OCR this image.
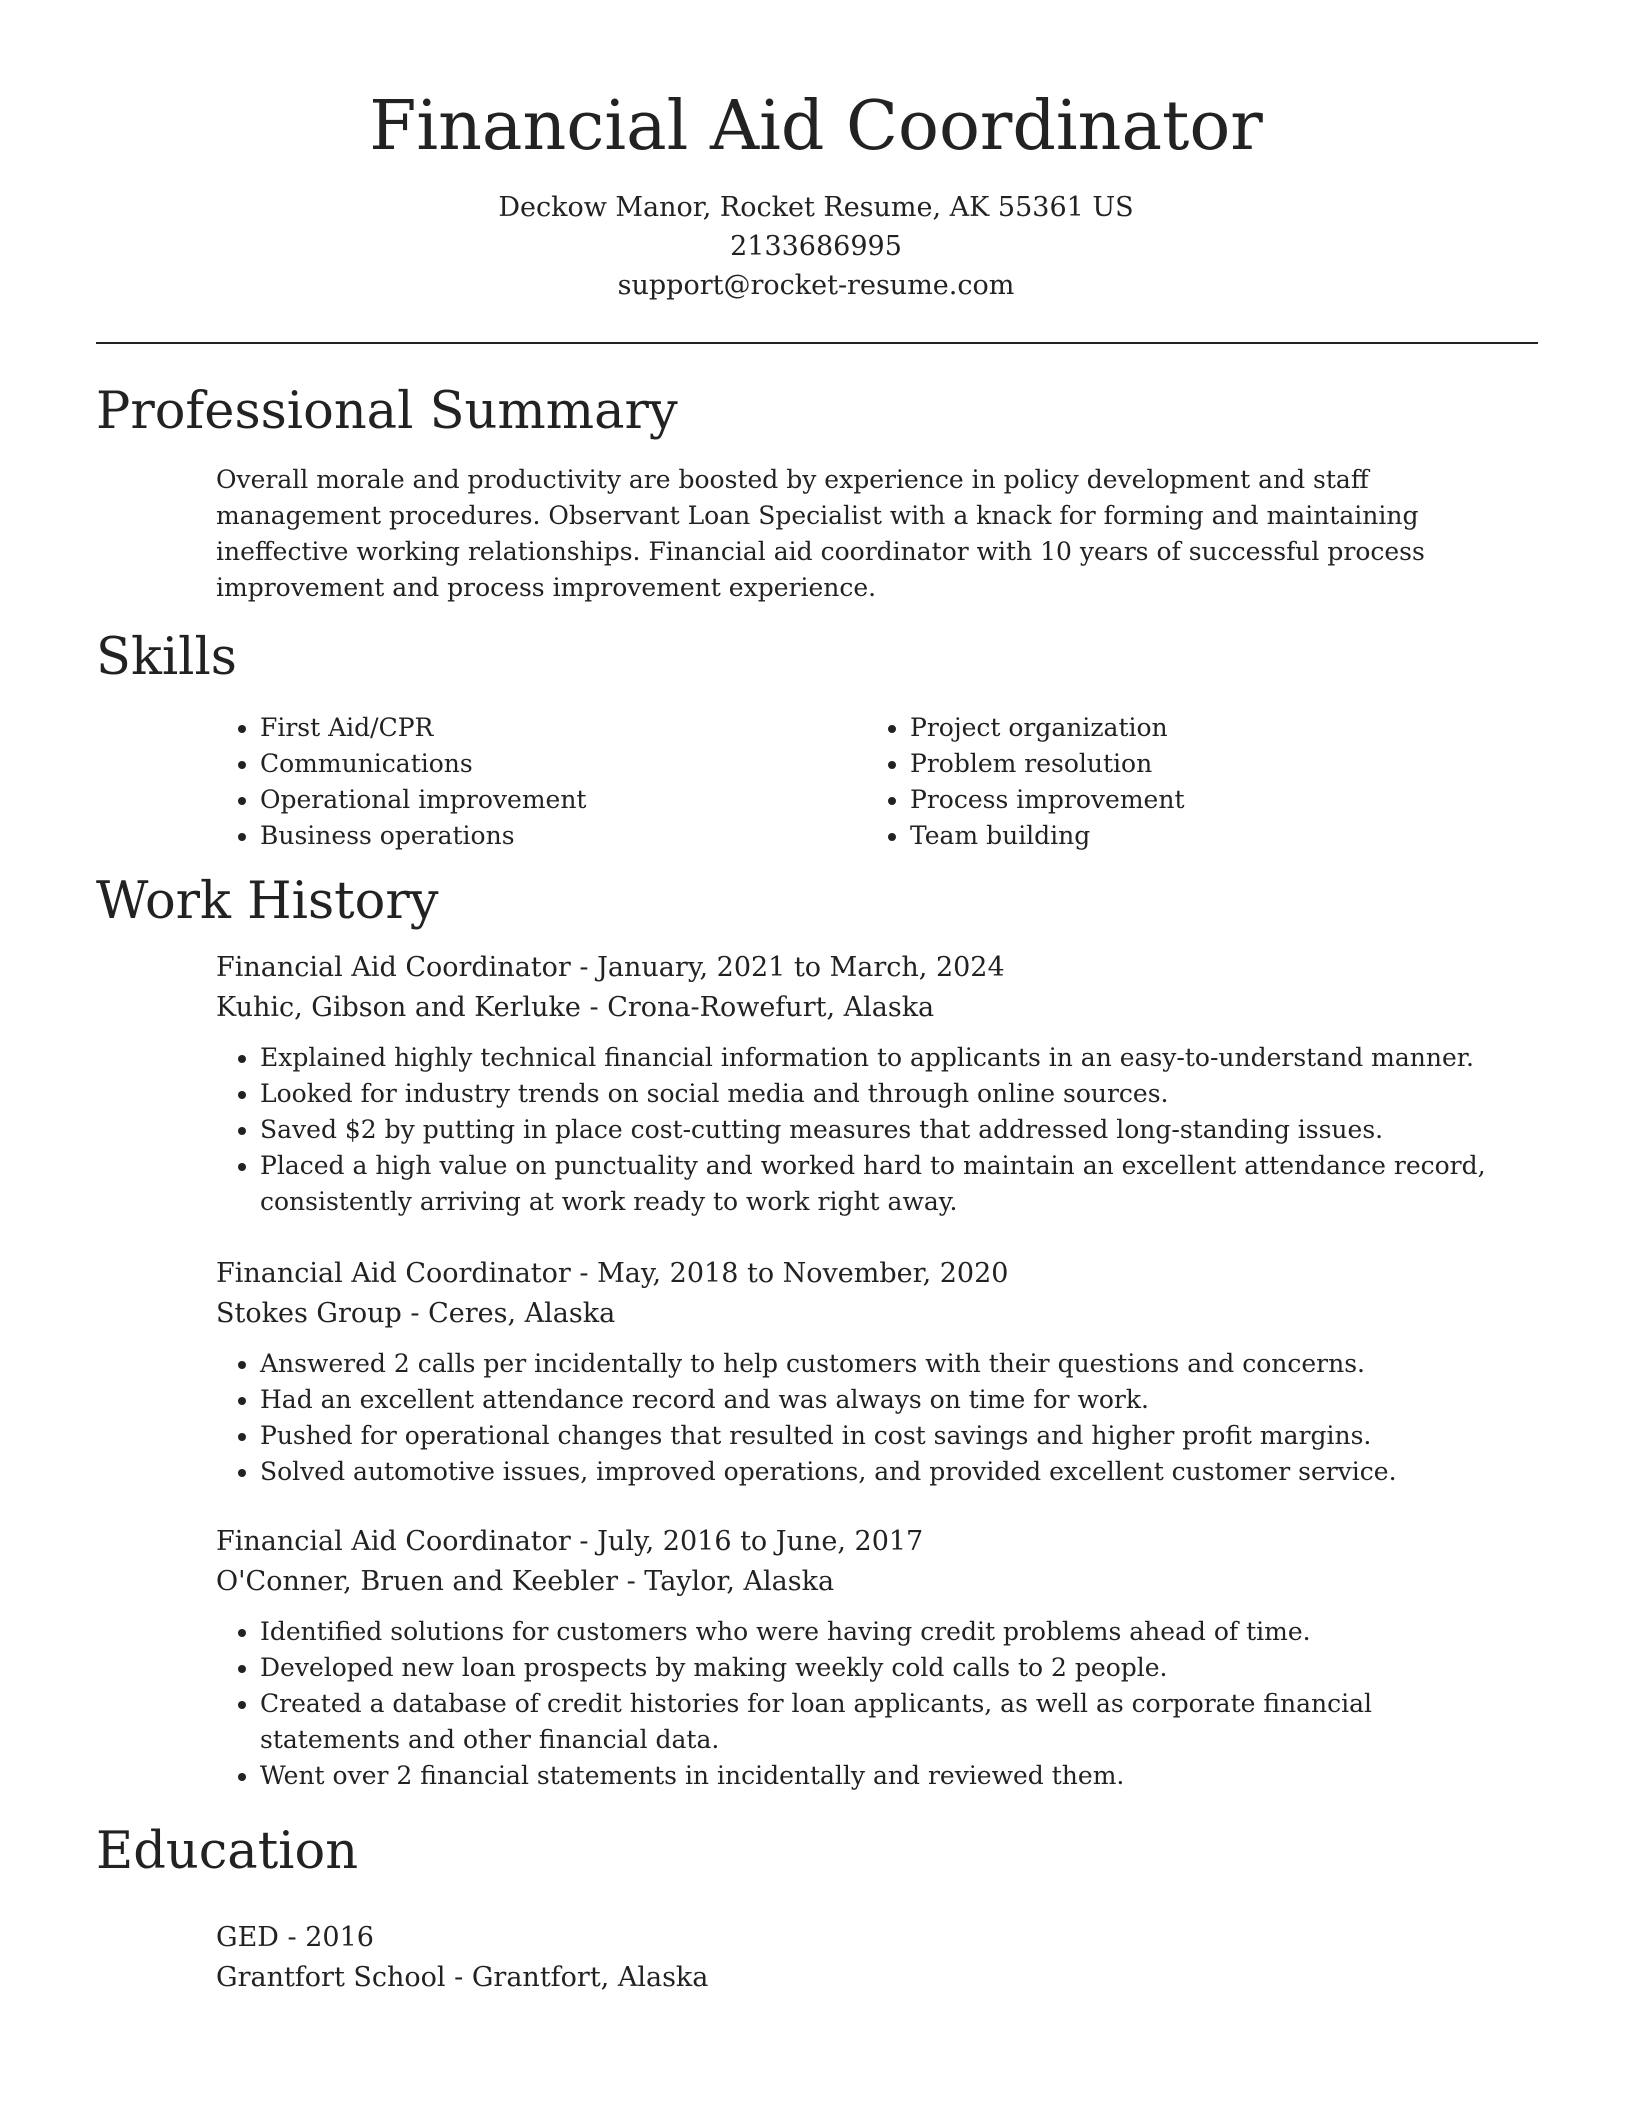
Financial Aid Coordinator
Deckow Manor, Rocket Resume, AK 55361 US
2133686995
support@rocket-resume.com
Professional Summary
Overall morale and productivity are boosted by experience in policy development and staff management procedures. Observant Loan Specialist with a knack for forming and maintaining ineffective working relationships. Financial aid coordinator with 10 years of successful process improvement and process improvement experience.
Skills
• First Aid/CPR
• Communications
• Operational improvement
• Business operations
• Project organization
• Problem resolution
• Process improvement
• Team building
Work History
Financial Aid Coordinator - January, 2021 to March, 2024
Kuhic, Gibson and Kerluke - Crona-Rowefurt, Alaska
• Explained highly technical financial information to applicants in an easy-to-understand manner.
• Looked for industry trends on social media and through online sources.
• Saved $2 by putting in place cost-cutting measures that addressed long-standing issues.
• Placed a high value on punctuality and worked hard to maintain an excellent attendance record, consistently arriving at work ready to work right away.
Financial Aid Coordinator - May, 2018 to November, 2020
Stokes Group - Ceres, Alaska
• Answered 2 calls per incidentally to help customers with their questions and concerns.
• Had an excellent attendance record and was always on time for work.
• Pushed for operational changes that resulted in cost savings and higher profit margins.
• Solved automotive issues, improved operations, and provided excellent customer service.
Financial Aid Coordinator - July, 2016 to June, 2017
O'Conner, Bruen and Keebler - Taylor, Alaska
• Identified solutions for customers who were having credit problems ahead of time.
• Developed new loan prospects by making weekly cold calls to 2 people.
• Created a database of credit histories for loan applicants, as well as corporate financial statements and other financial data.
• Went over 2 financial statements in incidentally and reviewed them.
Education
GED - 2016
Grantfort School - Grantfort, Alaska
